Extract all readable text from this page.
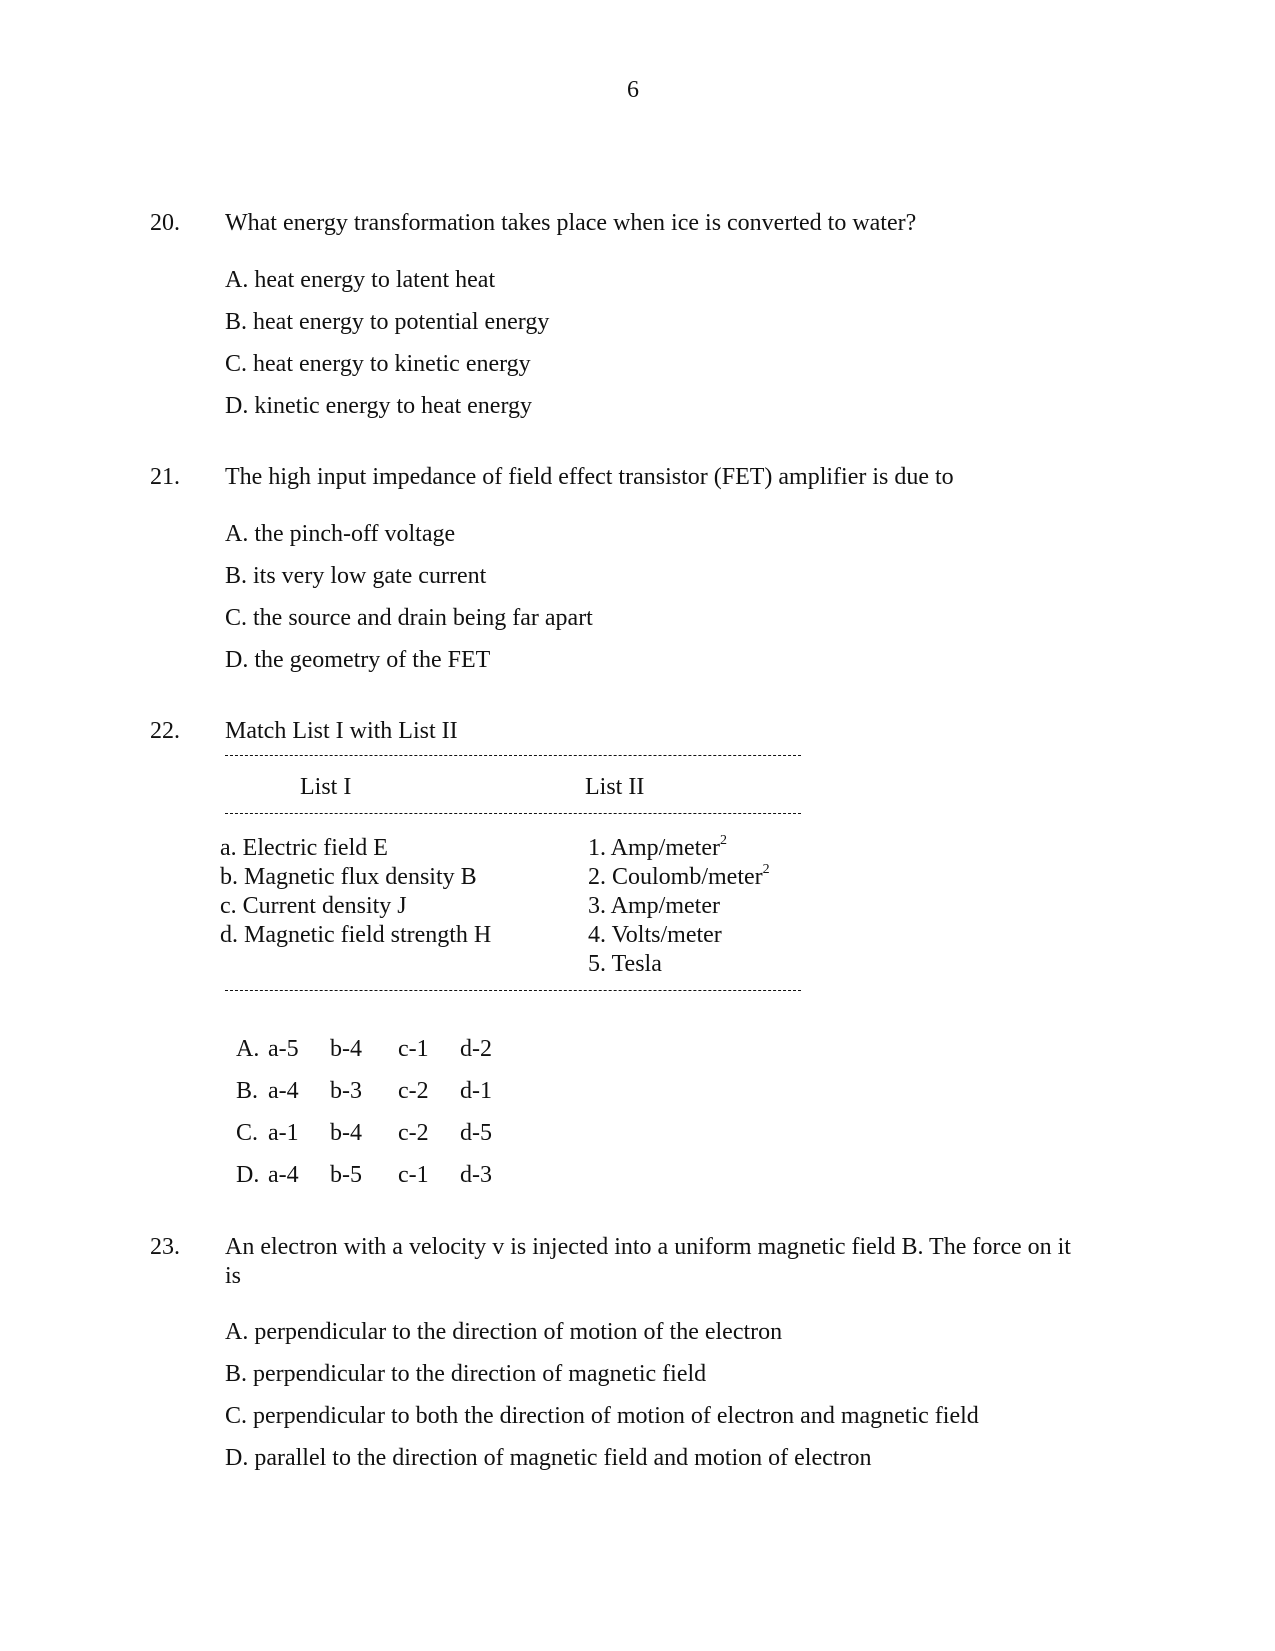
6
20. What energy transformation takes place when ice is converted to water?
A. heat energy to latent heat
B. heat energy to potential energy
C. heat energy to kinetic energy
D. kinetic energy to heat energy
21. The high input impedance of field effect transistor (FET) amplifier is due to
A. the pinch-off voltage
B. its very low gate current
C. the source and drain being far apart
D. the geometry of the FET
22. Match List I with List II
List I	List II
a. Electric field E
b. Magnetic flux density B
c. Current density J
d. Magnetic field strength H
1. Amp/meter$^2$
2. Coulomb/meter$^2$
3. Amp/meter
4. Volts/meter
5. Tesla
A. a-5 b-4 c-1 d-2
B. a-4 b-3 c-2 d-1
C. a-1 b-4 c-2 d-5
D. a-4 b-5 c-1 d-3
23. An electron with a velocity v is injected into a uniform magnetic field B. The force on it
is
A. perpendicular to the direction of motion of the electron
B. perpendicular to the direction of magnetic field
C. perpendicular to both the direction of motion of electron and magnetic field
D. parallel to the direction of magnetic field and motion of electron
